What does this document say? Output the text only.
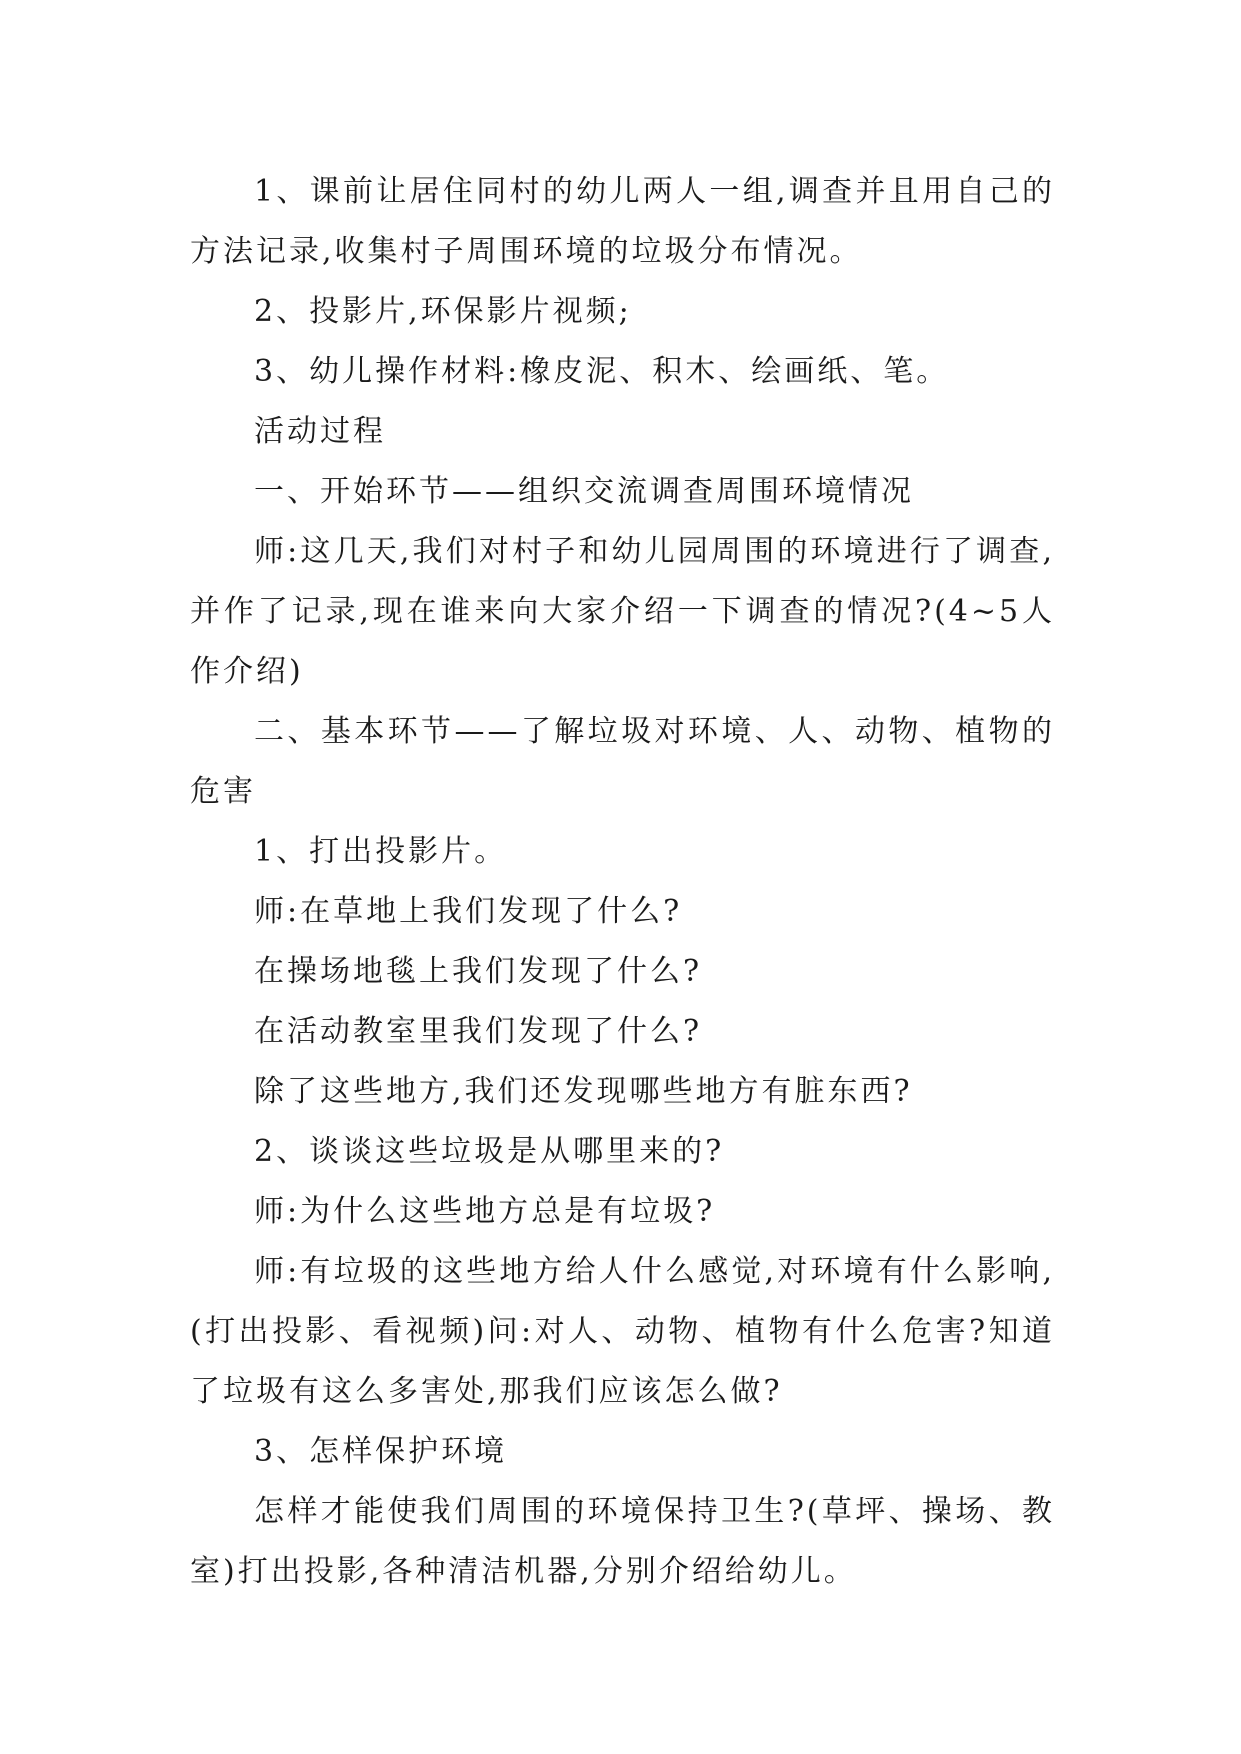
1、课前让居住同村的幼儿两人一组,调查并且用自己的方法记录,收集村子周围环境的垃圾分布情况。

2、投影片,环保影片视频;

3、幼儿操作材料:橡皮泥、积木、绘画纸、笔。

活动过程

一、开始环节——组织交流调查周围环境情况

师:这几天,我们对村子和幼儿园周围的环境进行了调查,并作了记录,现在谁来向大家介绍一下调查的情况?(4~5人作介绍)

二、基本环节——了解垃圾对环境、人、动物、植物的危害

1、打出投影片。

师:在草地上我们发现了什么?

在操场地毯上我们发现了什么?

在活动教室里我们发现了什么?

除了这些地方,我们还发现哪些地方有脏东西?

2、谈谈这些垃圾是从哪里来的?

师:为什么这些地方总是有垃圾?

师:有垃圾的这些地方给人什么感觉,对环境有什么影响,(打出投影、看视频)问:对人、动物、植物有什么危害?知道了垃圾有这么多害处,那我们应该怎么做?

3、怎样保护环境

怎样才能使我们周围的环境保持卫生?(草坪、操场、教室)打出投影,各种清洁机器,分别介绍给幼儿。
